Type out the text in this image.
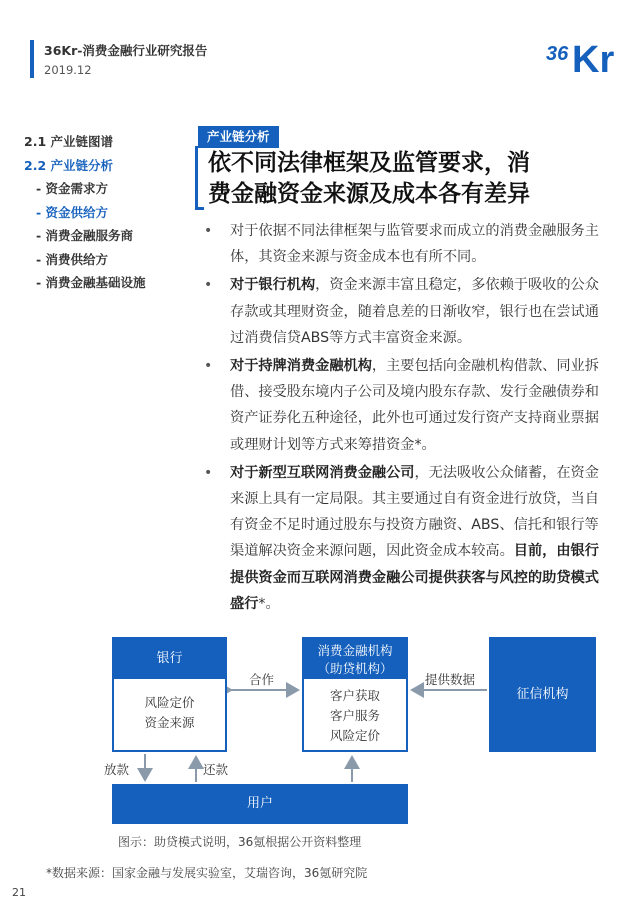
36Kr-消费金融行业研究报告
2019.12
36 Kr
2.1 产业链图谱
2.2 产业链分析
- 资金需求方
- 资金供给方
- 消费金融服务商
- 消费供给方
- 消费金融基础设施
产业链分析
依不同法律框架及监管要求，消
费金融资金来源及成本各有差异
• 对于依据不同法律框架与监管要求而成立的消费金融服务主体，其资金来源与资金成本也有所不同。
• 对于银行机构，资金来源丰富且稳定，多依赖于吸收的公众存款或其理财资金，随着息差的日渐收窄，银行也在尝试通过消费信贷ABS等方式丰富资金来源。
• 对于持牌消费金融机构，主要包括向金融机构借款、同业拆借、接受股东境内子公司及境内股东存款、发行金融债券和资产证券化五种途径，此外也可通过发行资产支持商业票据或理财计划等方式来筹措资金*。
• 对于新型互联网消费金融公司，无法吸收公众储蓄，在资金来源上具有一定局限。其主要通过自有资金进行放贷，当自有资金不足时通过股东与投资方融资、ABS、信托和银行等渠道解决资金来源问题，因此资金成本较高。目前，由银行提供资金而互联网消费金融公司提供获客与风控的助贷模式盛行*。
银行
风险定价
资金来源
消费金融机构
（助贷机构）
客户获取
客户服务
风险定价
征信机构
用户
合作	提供数据
放款	还款
图示：助贷模式说明，36氪根据公开资料整理
*数据来源：国家金融与发展实验室，艾瑞咨询，36氪研究院
21
